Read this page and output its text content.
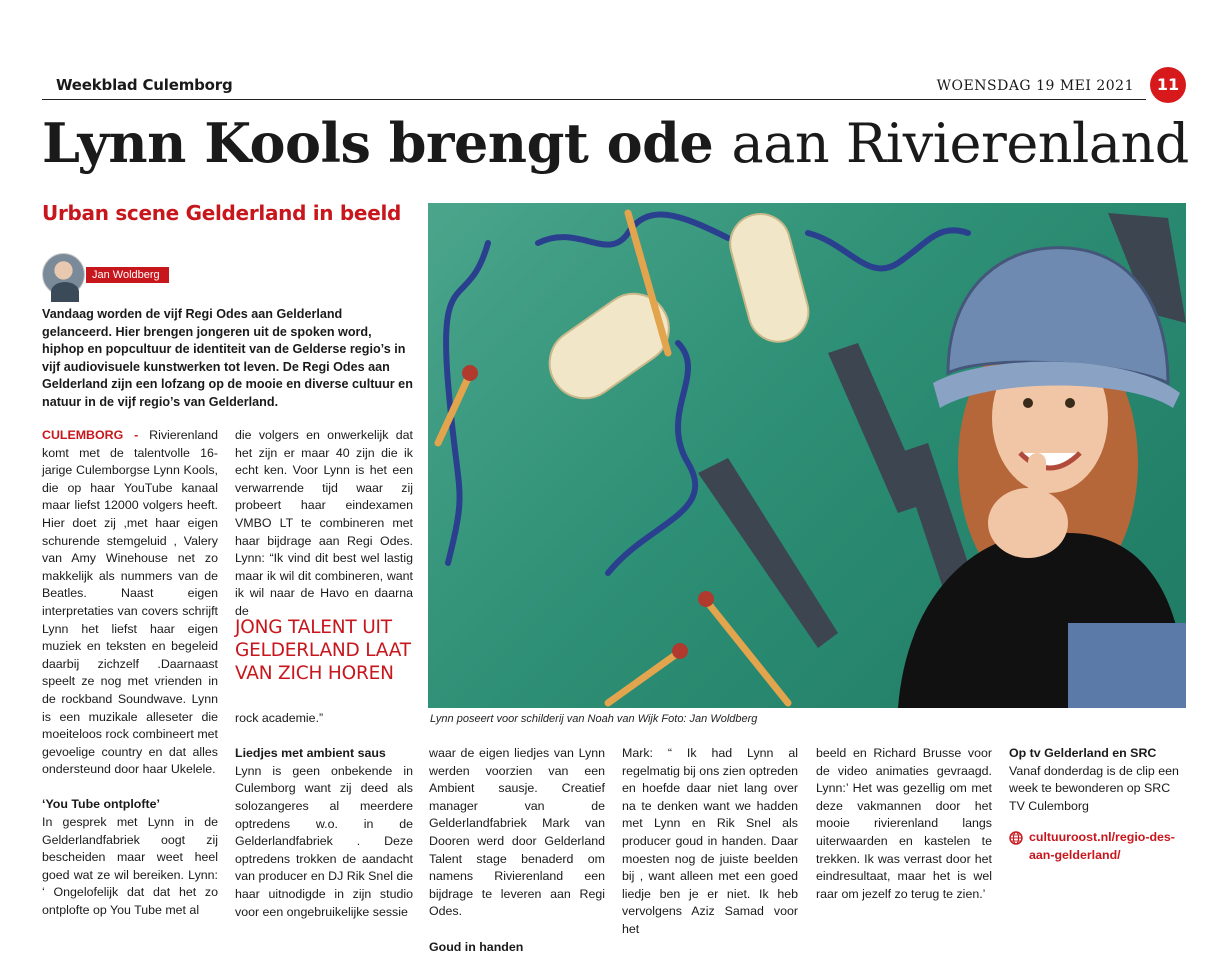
Weekblad Culemborg	WOENSDAG 19 MEI 2021	11
Lynn Kools brengt ode aan Rivierenland
Urban scene Gelderland in beeld
Jan Woldberg

Vandaag worden de vijf Regi Odes aan Gelderland gelanceerd. Hier brengen jongeren uit de spoken word, hiphop en popcultuur de identiteit van de Gelderse regio’s in vijf audiovisuele kunstwerken tot leven. De Regi Odes aan Gelderland zijn een lofzang op de mooie en diverse cultuur en natuur in de vijf regio’s van Gelderland.

CULEMBORG - Rivierenland komt met de talentvolle 16-jarige Culemborgse Lynn Kools, die op haar YouTube kanaal maar liefst 12000 volgers heeft. Hier doet zij ,met haar eigen schurende stemgeluid , Valery van Amy Winehouse net zo makkelijk als nummers van de Beatles. Naast eigen interpretaties van covers schrijft Lynn het liefst haar eigen muziek en teksten en begeleid daarbij zichzelf .Daarnaast speelt ze nog met vrienden in de rockband Soundwave. Lynn is een muzikale alleseter die moeiteloos rock combineert met gevoelige country en dat alles ondersteund door haar Ukelele.

‘You Tube ontplofte’

In gesprek met Lynn in de Gelderlandfabriek oogt zij bescheiden maar weet heel goed wat ze wil bereiken. Lynn: ‘ Ongelofelijk dat dat het zo ontplofte op You Tube met al

die volgers en onwerkelijk dat het zijn er maar 40 zijn die ik echt ken. Voor Lynn is het een verwarrende tijd waar zij probeert haar eindexamen VMBO LT te combineren met haar bijdrage aan Regi Odes. Lynn: “Ik vind dit best wel lastig maar ik wil dit combineren, want ik wil naar de Havo en daarna de

JONG TALENT UIT GELDERLAND LAAT VAN ZICH HOREN

rock academie.”

Liedjes met ambient saus

Lynn is geen onbekende in Culemborg want zij deed als solozangeres al meerdere optredens w.o. in de Gelderlandfabriek . Deze optredens trokken de aandacht van producer en DJ Rik Snel die haar uitnodigde in zijn studio voor een ongebruikelijke sessie

Lynn poseert voor schilderij van Noah van Wijk Foto: Jan Woldberg

waar de eigen liedjes van Lynn werden voorzien van een Ambient sausje. Creatief manager van de Gelderlandfabriek Mark van Dooren werd door Gelderland Talent stage benaderd om namens Rivierenland een bijdrage te leveren aan Regi Odes.

Goud in handen

Mark: “ Ik had Lynn al regelmatig bij ons zien optreden en hoefde daar niet lang over na te denken want we hadden met Lynn en Rik Snel als producer goud in handen. Daar moesten nog de juiste beelden bij , want alleen met een goed liedje ben je er niet. Ik heb vervolgens Aziz Samad voor het

beeld en Richard Brusse voor de video animaties gevraagd. Lynn:’ Het was gezellig om met deze vakmannen door het mooie rivierenland langs uiterwaarden en kastelen te trekken. Ik was verrast door het eindresultaat, maar het is wel raar om jezelf zo terug te zien.’

Op tv Gelderland en SRC

Vanaf donderdag is de clip een week te bewonderen op SRC TV Culemborg

cultuuroost.nl/regio-des-aan-gelderland/
